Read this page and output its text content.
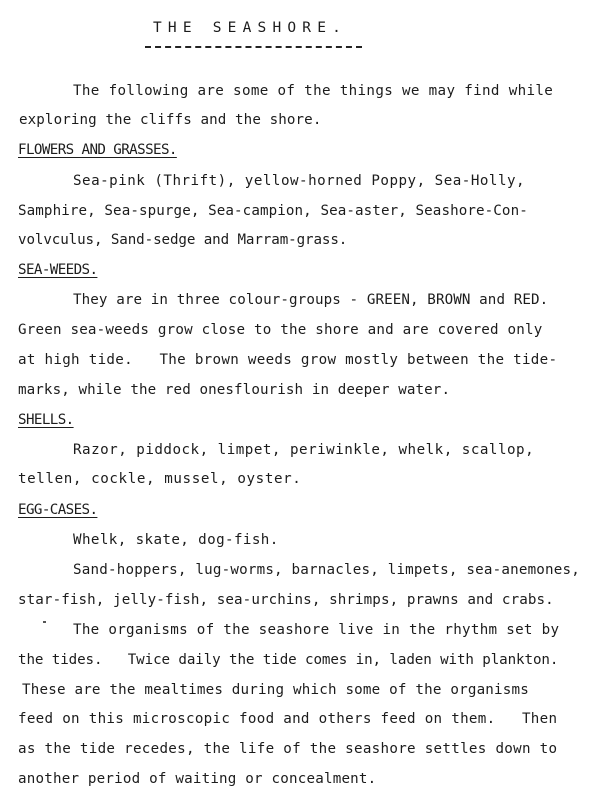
THE SEASHORE.
The following are some of the things we may find while
exploring the cliffs and the shore.
FLOWERS AND GRASSES.
Sea-pink (Thrift), yellow-horned Poppy, Sea-Holly,
Samphire, Sea-spurge, Sea-campion, Sea-aster, Seashore-Con-
volvculus, Sand-sedge and Marram-grass.
SEA-WEEDS.
They are in three colour-groups - GREEN, BROWN and RED.
Green sea-weeds grow close to the shore and are covered only
at high tide.   The brown weeds grow mostly between the tide-
marks, while the red onesflourish in deeper water.
SHELLS.
Razor, piddock, limpet, periwinkle, whelk, scallop,
tellen, cockle, mussel, oyster.
EGG-CASES.
Whelk, skate, dog-fish.
Sand-hoppers, lug-worms, barnacles, limpets, sea-anemones,
star-fish, jelly-fish, sea-urchins, shrimps, prawns and crabs.
The organisms of the seashore live in the rhythm set by
the tides.   Twice daily the tide comes in, laden with plankton.
These are the mealtimes during which some of the organisms
feed on this microscopic food and others feed on them.   Then
as the tide recedes, the life of the seashore settles down to
another period of waiting or concealment.
